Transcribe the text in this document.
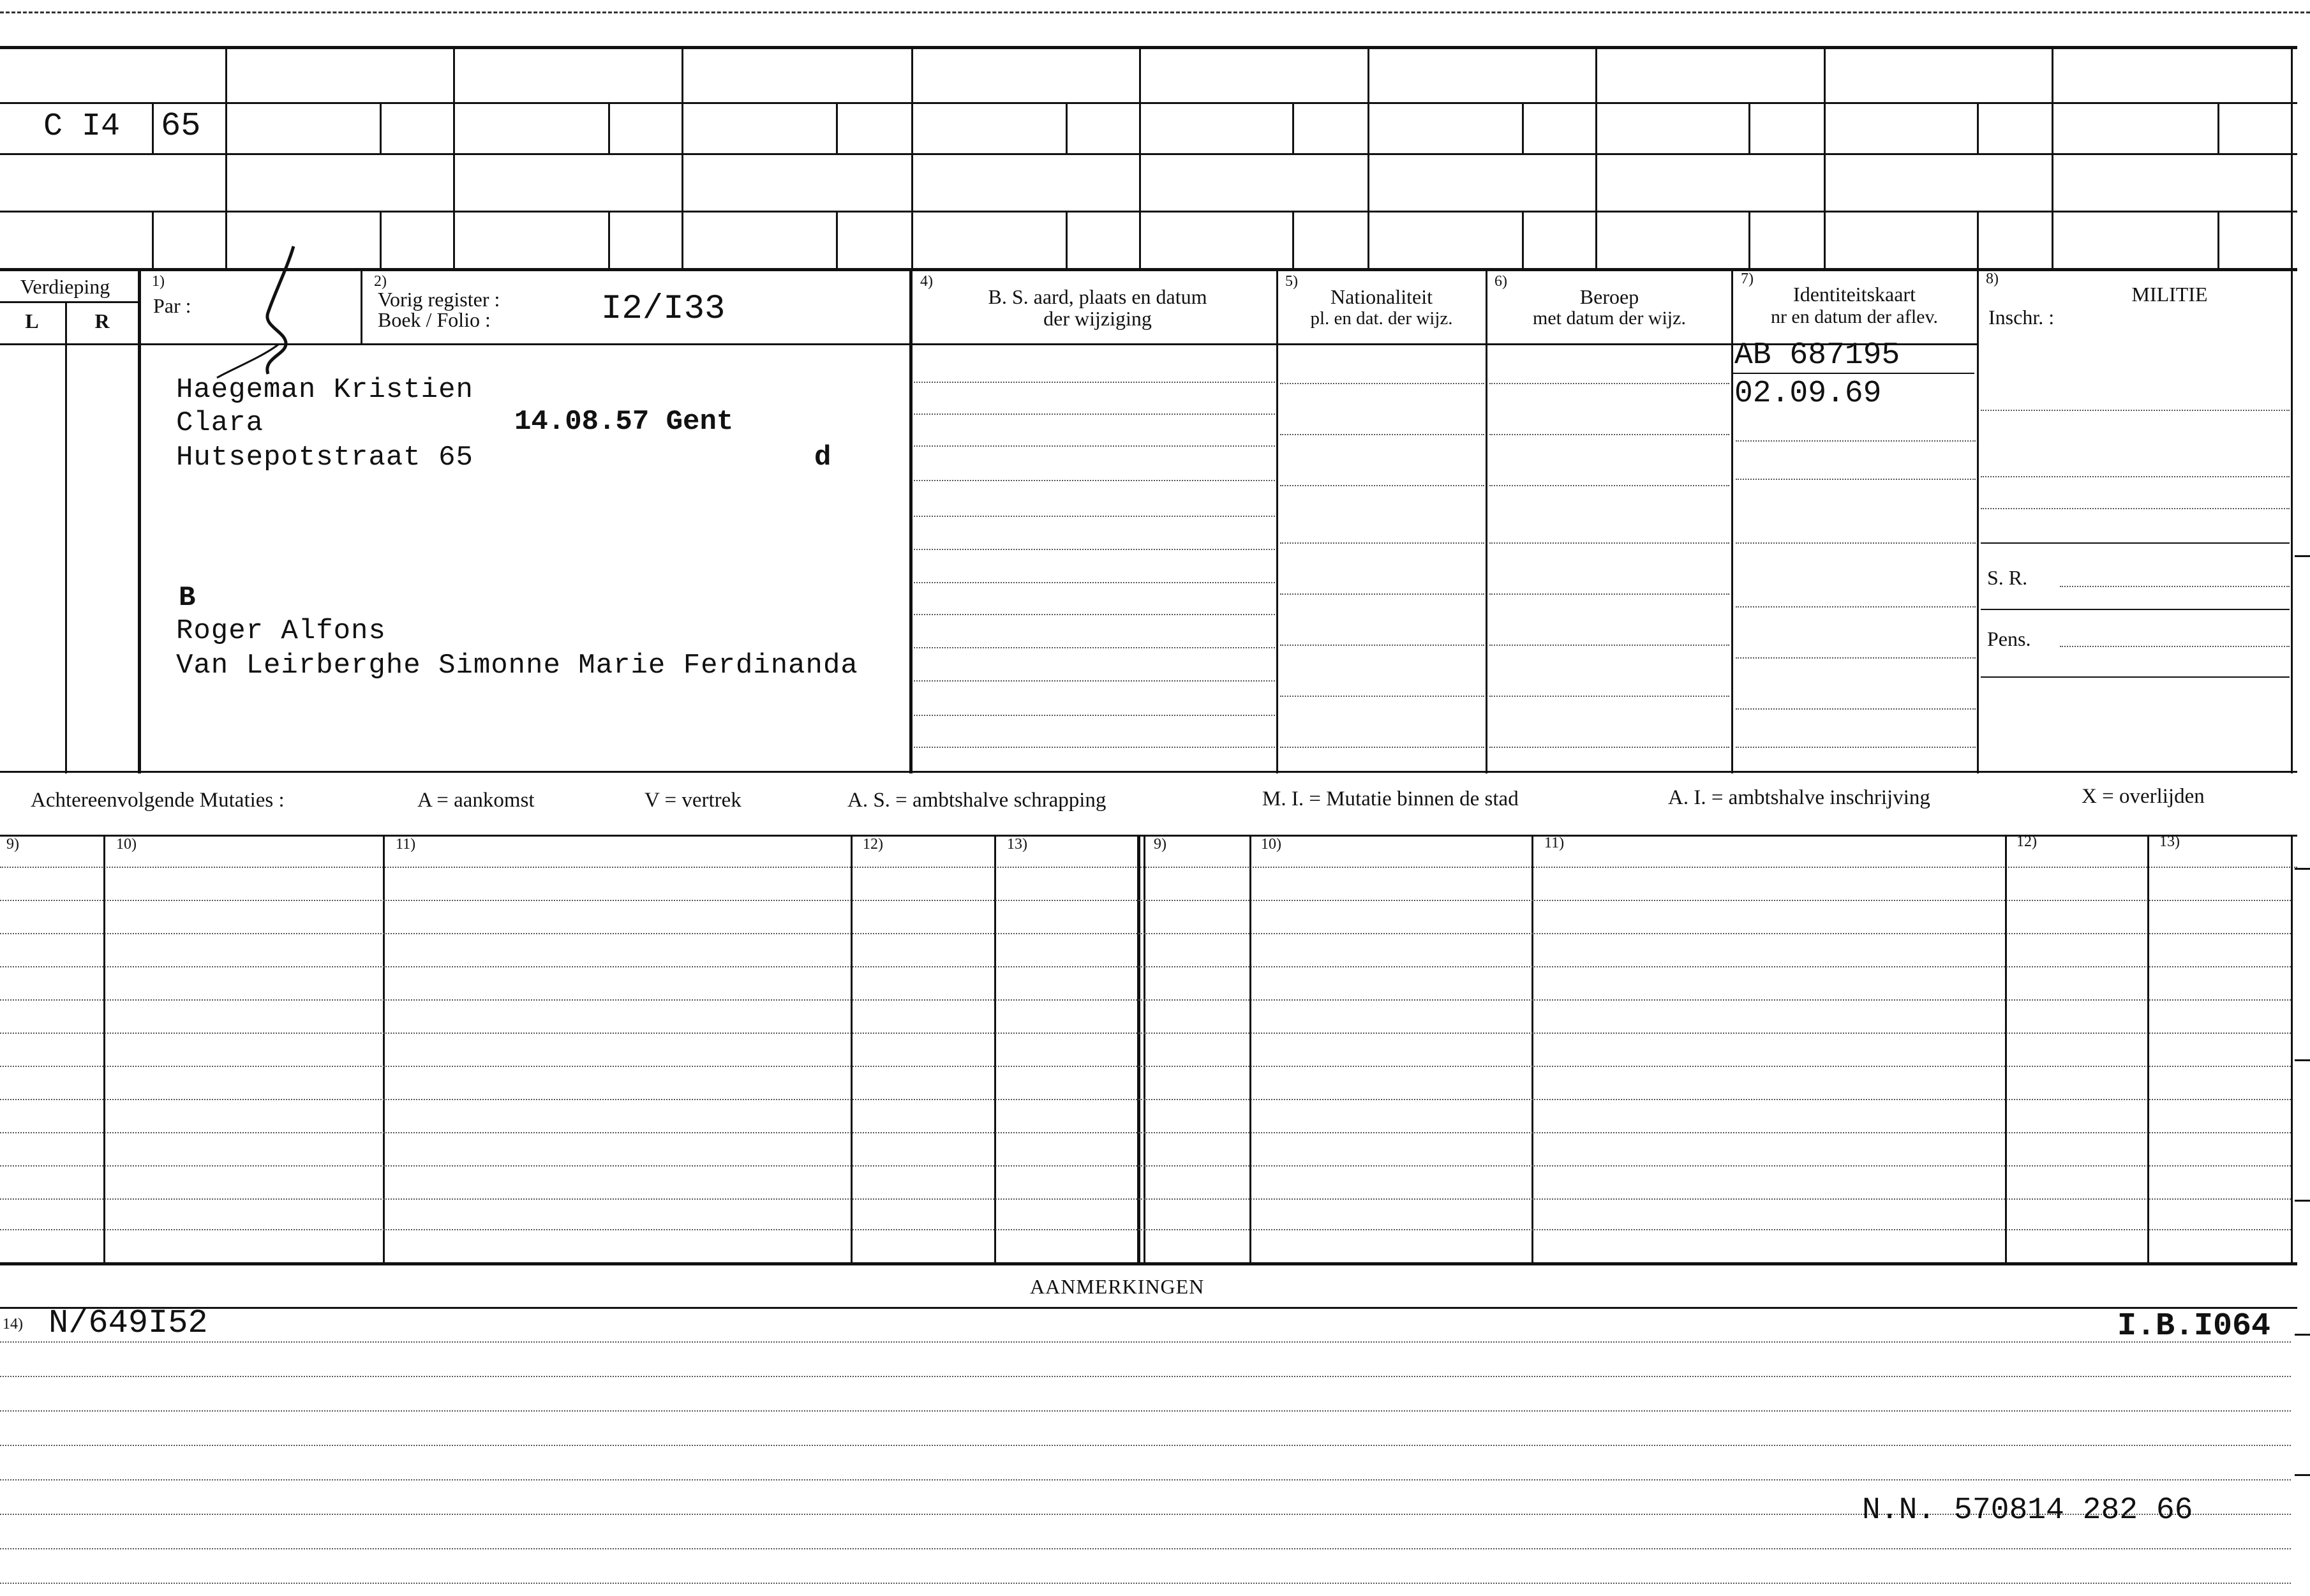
C I4 65
Verdieping
L	R
1)
Par :
2)
Vorig register :
Boek / Folio :	I2/I33
4)
B. S. aard, plaats en datum
der wijziging
5)
Nationaliteit
pl. en dat. der wijz.
6)
Beroep
met datum der wijz.
7)
Identiteitskaart
nr en datum der aflev.
8)
MILITIE
Inschr. :
S. R.
Pens.
AB 687195
02.09.69
Haegeman Kristien
Clara	14.08.57 Gent
Hutsepotstraat 65	d
B
Roger Alfons
Van Leirberghe Simonne Marie Ferdinanda
Achtereenvolgende Mutaties :	A = aankomst	V = vertrek	A. S. = ambtshalve schrapping	M. I. = Mutatie binnen de stad	A. I. = ambtshalve inschrijving	X = overlijden
9)	10)	11)	12)	13)	9)	10)	11)	12)	13)
AANMERKINGEN
14) N/649I52	I.B.I064
N.N. 570814 282 66
